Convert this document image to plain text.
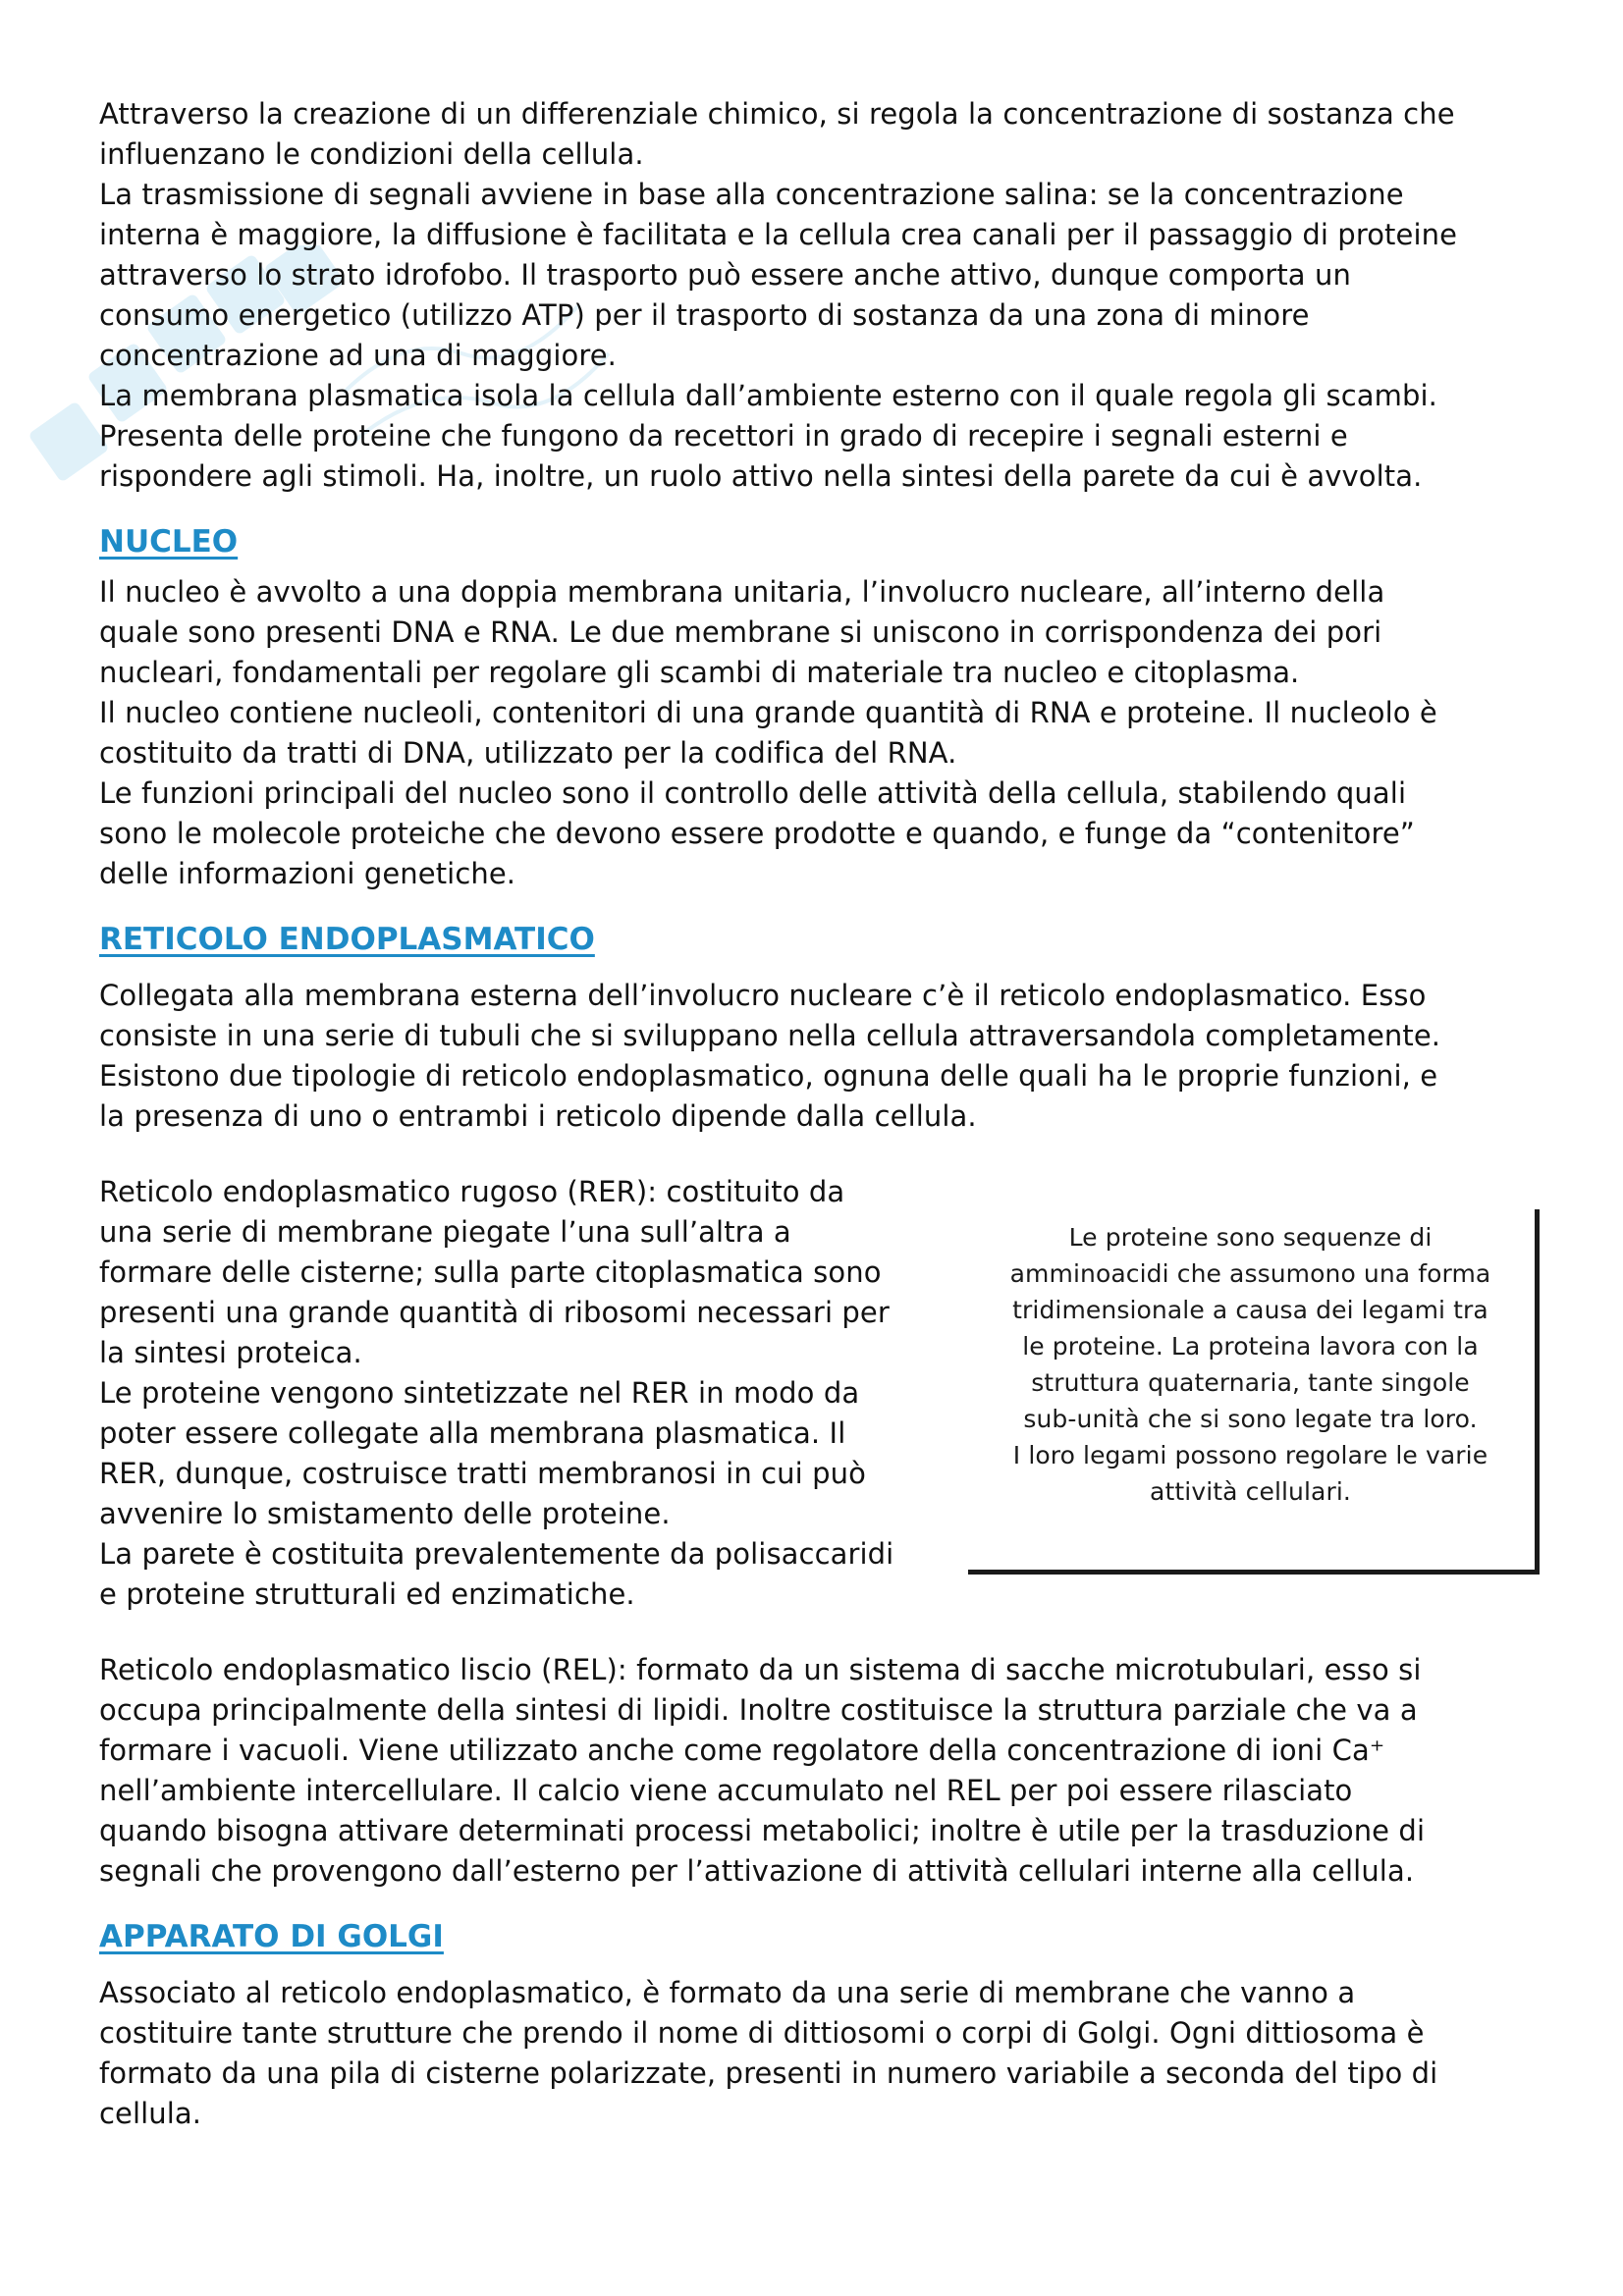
Attraverso la creazione di un differenziale chimico, si regola la concentrazione di sostanza che

influenzano le condizioni della cellula.

La trasmissione di segnali avviene in base alla concentrazione salina: se la concentrazione

interna è maggiore, la diffusione è facilitata e la cellula crea canali per il passaggio di proteine

attraverso lo strato idrofobo. Il trasporto può essere anche attivo, dunque comporta un

consumo energetico (utilizzo ATP) per il trasporto di sostanza da una zona di minore

concentrazione ad una di maggiore.

La membrana plasmatica isola la cellula dall’ambiente esterno con il quale regola gli scambi.

Presenta delle proteine che fungono da recettori in grado di recepire i segnali esterni e

rispondere agli stimoli. Ha, inoltre, un ruolo attivo nella sintesi della parete da cui è avvolta.

NUCLEO

Il nucleo è avvolto a una doppia membrana unitaria, l’involucro nucleare, all’interno della

quale sono presenti DNA e RNA. Le due membrane si uniscono in corrispondenza dei pori

nucleari, fondamentali per regolare gli scambi di materiale tra nucleo e citoplasma.

Il nucleo contiene nucleoli, contenitori di una grande quantità di RNA e proteine. Il nucleolo è

costituito da tratti di DNA, utilizzato per la codifica del RNA.

Le funzioni principali del nucleo sono il controllo delle attività della cellula, stabilendo quali

sono le molecole proteiche che devono essere prodotte e quando, e funge da “contenitore”

delle informazioni genetiche.

RETICOLO ENDOPLASMATICO

Collegata alla membrana esterna dell’involucro nucleare c’è il reticolo endoplasmatico. Esso

consiste in una serie di tubuli che si sviluppano nella cellula attraversandola completamente.

Esistono due tipologie di reticolo endoplasmatico, ognuna delle quali ha le proprie funzioni, e

la presenza di uno o entrambi i reticolo dipende dalla cellula.

Reticolo endoplasmatico rugoso (RER): costituito da

una serie di membrane piegate l’una sull’altra a

formare delle cisterne; sulla parte citoplasmatica sono

presenti una grande quantità di ribosomi necessari per

la sintesi proteica.

Le proteine vengono sintetizzate nel RER in modo da

poter essere collegate alla membrana plasmatica. Il

RER, dunque, costruisce tratti membranosi in cui può

avvenire lo smistamento delle proteine.

La parete è costituita prevalentemente da polisaccaridi

e proteine strutturali ed enzimatiche.

Le proteine sono sequenze di

amminoacidi che assumono una forma

tridimensionale a causa dei legami tra

le proteine. La proteina lavora con la

struttura quaternaria, tante singole

sub-unità che si sono legate tra loro.

I loro legami possono regolare le varie

attività cellulari.

Reticolo endoplasmatico liscio (REL): formato da un sistema di sacche microtubulari, esso si

occupa principalmente della sintesi di lipidi. Inoltre costituisce la struttura parziale che va a

formare i vacuoli. Viene utilizzato anche come regolatore della concentrazione di ioni Ca⁺

nell’ambiente intercellulare. Il calcio viene accumulato nel REL per poi essere rilasciato

quando bisogna attivare determinati processi metabolici; inoltre è utile per la trasduzione di

segnali che provengono dall’esterno per l’attivazione di attività cellulari interne alla cellula.

APPARATO DI GOLGI

Associato al reticolo endoplasmatico, è formato da una serie di membrane che vanno a

costituire tante strutture che prendo il nome di dittiosomi o corpi di Golgi. Ogni dittiosoma è

formato da una pila di cisterne polarizzate, presenti in numero variabile a seconda del tipo di

cellula.
